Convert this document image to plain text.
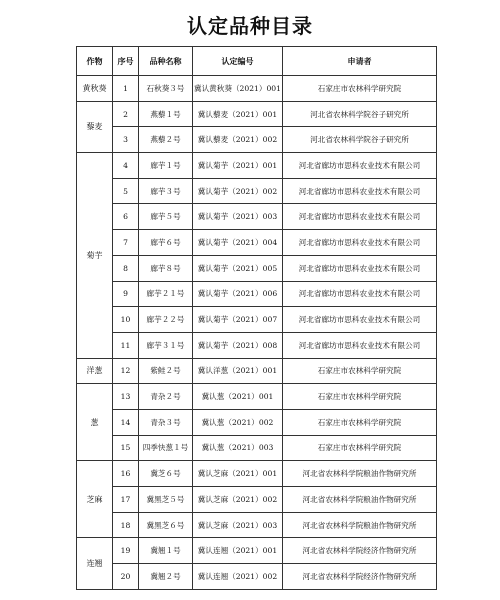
认定品种目录
作物	序号	品种名称	认定编号	申请者
黄秋葵	1	石秋葵３号	冀认黄秋葵（2021）001	石家庄市农林科学研究院
藜麦	2	燕藜１号	冀认藜麦（2021）001	河北省农林科学院谷子研究所
	3	燕藜２号	冀认藜麦（2021）002	河北省农林科学院谷子研究所
菊芋	4	廊芋１号	冀认菊芋（2021）001	河北省廊坊市思科农业技术有限公司
	5	廊芋３号	冀认菊芋（2021）002	河北省廊坊市思科农业技术有限公司
	6	廊芋５号	冀认菊芋（2021）003	河北省廊坊市思科农业技术有限公司
	7	廊芋６号	冀认菊芋（2021）004	河北省廊坊市思科农业技术有限公司
	8	廊芋８号	冀认菊芋（2021）005	河北省廊坊市思科农业技术有限公司
	9	廊芋２１号	冀认菊芋（2021）006	河北省廊坊市思科农业技术有限公司
	10	廊芋２２号	冀认菊芋（2021）007	河北省廊坊市思科农业技术有限公司
	11	廊芋３１号	冀认菊芋（2021）008	河北省廊坊市思科农业技术有限公司
洋葱	12	紫鲑２号	冀认洋葱（2021）001	石家庄市农林科学研究院
葱	13	青杂２号	冀认葱（2021）001	石家庄市农林科学研究院
	14	青杂３号	冀认葱（2021）002	石家庄市农林科学研究院
	15	四季快葱１号	冀认葱（2021）003	石家庄市农林科学研究院
芝麻	16	冀芝６号	冀认芝麻（2021）001	河北省农林科学院粮油作物研究所
	17	冀黑芝５号	冀认芝麻（2021）002	河北省农林科学院粮油作物研究所
	18	冀黑芝６号	冀认芝麻（2021）003	河北省农林科学院粮油作物研究所
连翘	19	冀翘１号	冀认连翘（2021）001	河北省农林科学院经济作物研究所
	20	冀翘２号	冀认连翘（2021）002	河北省农林科学院经济作物研究所
